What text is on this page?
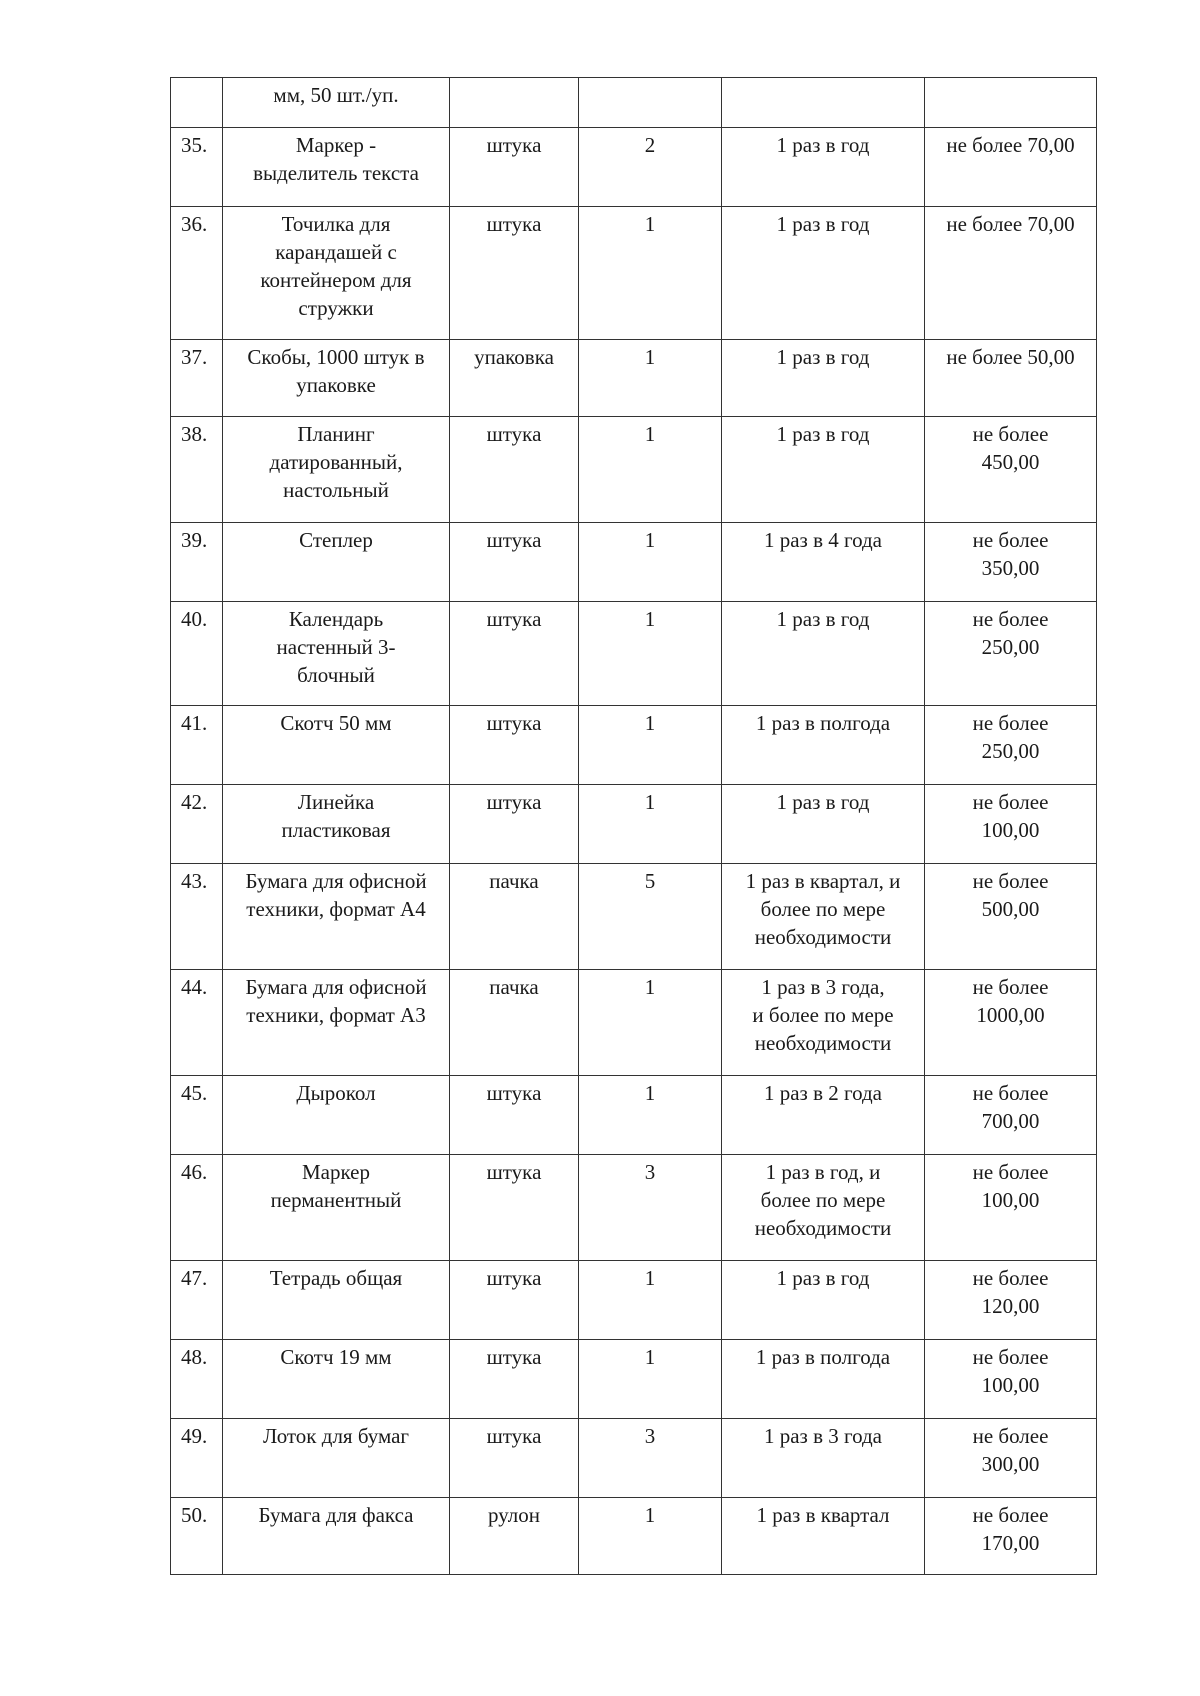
	мм, 50 шт./уп.				
35.	Маркер -
выделитель текста	штука	2	1 раз в год	не более 70,00
36.	Точилка для
карандашей с
контейнером для
стружки	штука	1	1 раз в год	не более 70,00
37.	Скобы, 1000 штук в
упаковке	упаковка	1	1 раз в год	не более 50,00
38.	Планинг
датированный,
настольный	штука	1	1 раз в год	не более
450,00
39.	Степлер	штука	1	1 раз в 4 года	не более
350,00
40.	Календарь
настенный 3-
блочный	штука	1	1 раз в год	не более
250,00
41.	Скотч 50 мм	штука	1	1 раз в полгода	не более
250,00
42.	Линейка
пластиковая	штука	1	1 раз в год	не более
100,00
43.	Бумага для офисной
техники, формат А4	пачка	5	1 раз в квартал, и
более по мере
необходимости	не более
500,00
44.	Бумага для офисной
техники, формат А3	пачка	1	1 раз в 3 года,
и более по мере
необходимости	не более
1000,00
45.	Дырокол	штука	1	1 раз в 2 года	не более
700,00
46.	Маркер
перманентный	штука	3	1 раз в год, и
более по мере
необходимости	не более
100,00
47.	Тетрадь общая	штука	1	1 раз в год	не более
120,00
48.	Скотч 19 мм	штука	1	1 раз в полгода	не более
100,00
49.	Лоток для бумаг	штука	3	1 раз в 3 года	не более
300,00
50.	Бумага для факса	рулон	1	1 раз в квартал	не более
170,00
